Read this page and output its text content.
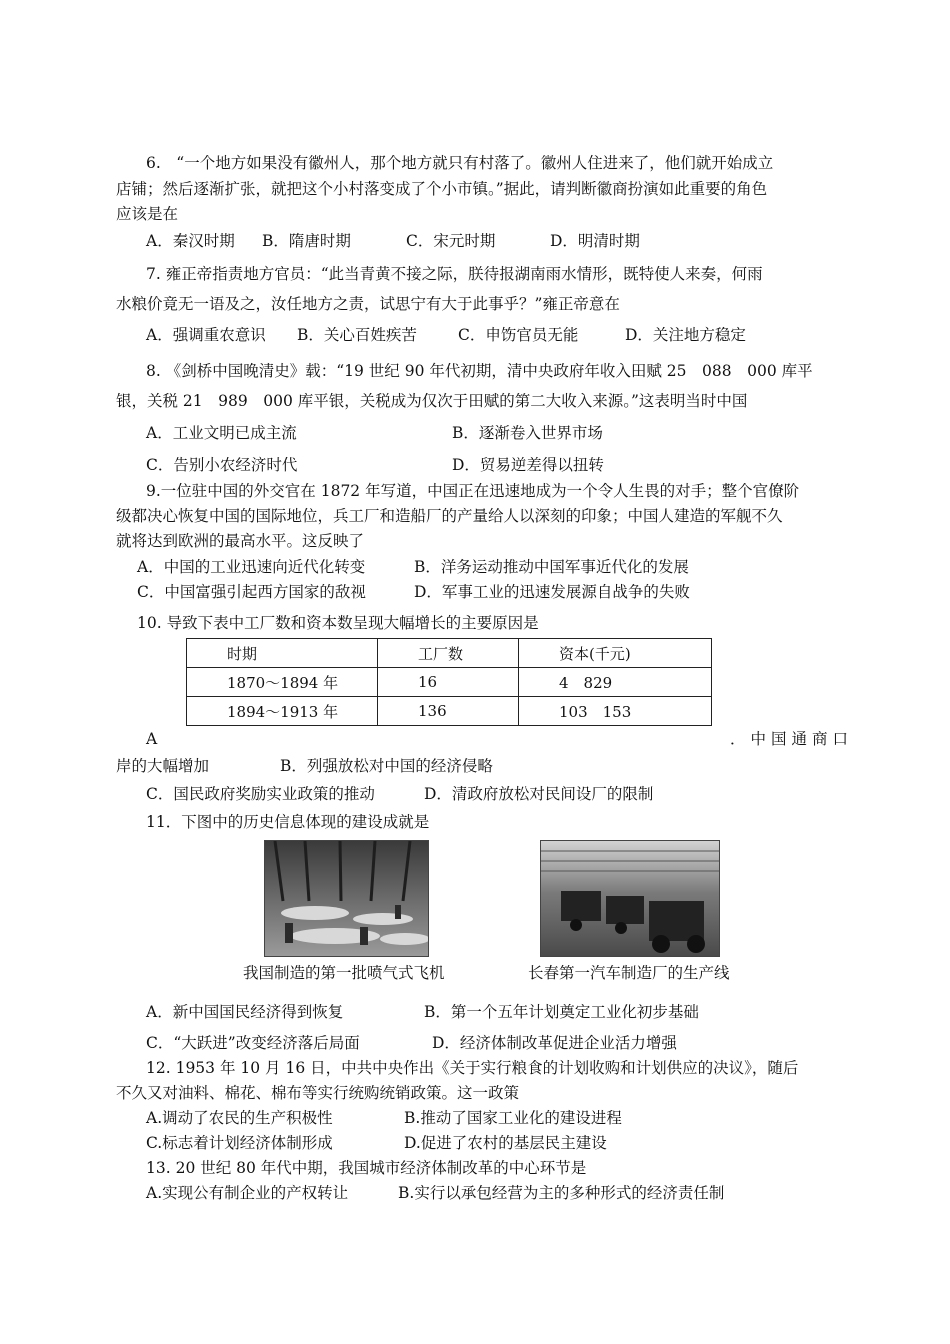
6.　“一个地方如果没有徽州人，那个地方就只有村落了。徽州人住进来了，他们就开始成立
店铺；然后逐渐扩张，就把这个小村落变成了个小市镇。”据此，请判断徽商扮演如此重要的角色
应该是在
A．秦汉时期 B．隋唐时期	C．宋元时期	D．明清时期
7. 雍正帝指责地方官员：“此当青黄不接之际，朕待报湖南雨水情形，既特使人来奏，何雨
水粮价竟无一语及之，汝任地方之责，试思宁有大于此事乎？”雍正帝意在
A．强调重农意识 B．关心百姓疾苦	C．申饬官员无能	D．关注地方稳定
8. 《剑桥中国晚清史》载：“19 世纪 90 年代初期，清中央政府年收入田赋 25　088　000 库平
银，关税 21　989　000 库平银，关税成为仅次于田赋的第二大收入来源。”这表明当时中国
A．工业文明已成主流	B．逐渐卷入世界市场
C．告别小农经济时代	D．贸易逆差得以扭转
9.一位驻中国的外交官在 1872 年写道，中国正在迅速地成为一个令人生畏的对手；整个官僚阶
级都决心恢复中国的国际地位，兵工厂和造船厂的产量给人以深刻的印象；中国人建造的军舰不久
就将达到欧洲的最高水平。这反映了
A．中国的工业迅速向近代化转变	B．洋务运动推动中国军事近代化的发展
C．中国富强引起西方国家的敌视	D．军事工业的迅速发展源自战争的失败
10. 导致下表中工厂数和资本数呈现大幅增长的主要原因是
时期	工厂数	资本(千元)
1870～1894 年	16	4　829
1894～1913 年	136	103　153
A	．中国通商口
岸的大幅增加	B．列强放松对中国的经济侵略
C．国民政府奖励实业政策的推动	D．清政府放松对民间设厂的限制
11．下图中的历史信息体现的建设成就是
我国制造的第一批喷气式飞机	长春第一汽车制造厂的生产线
A．新中国国民经济得到恢复	B．第一个五年计划奠定工业化初步基础
C．“大跃进”改变经济落后局面	D．经济体制改革促进企业活力增强
12. 1953 年 10 月 16 日，中共中央作出《关于实行粮食的计划收购和计划供应的决议》，随后
不久又对油料、棉花、棉布等实行统购统销政策。这一政策
A.调动了农民的生产积极性	B.推动了国家工业化的建设进程
C.标志着计划经济体制形成	D.促进了农村的基层民主建设
13. 20 世纪 80 年代中期，我国城市经济体制改革的中心环节是
A.实现公有制企业的产权转让	B.实行以承包经营为主的多种形式的经济责任制
